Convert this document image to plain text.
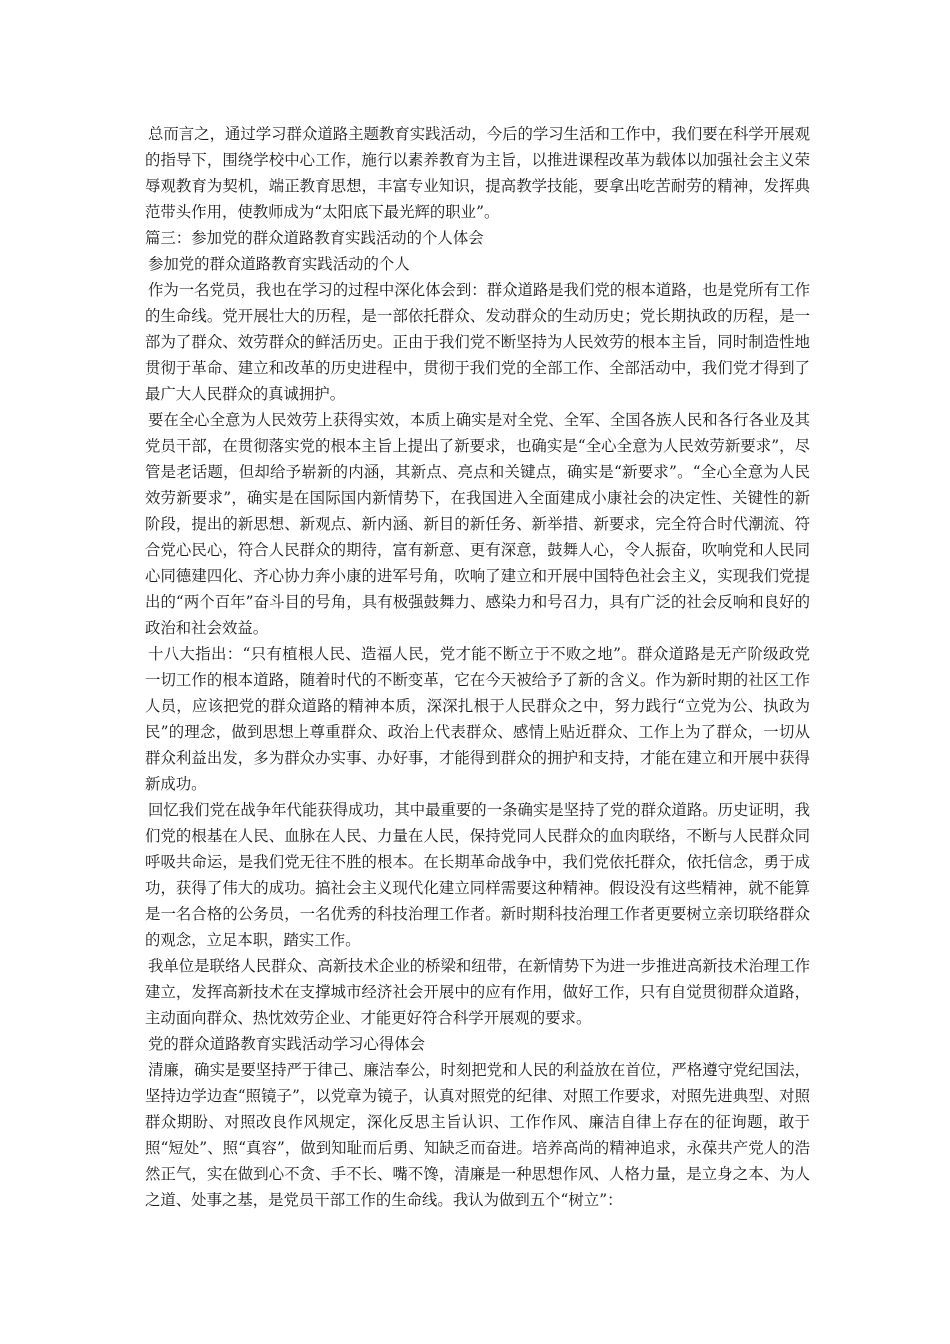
总而言之，通过学习群众道路主题教育实践活动，今后的学习生活和工作中，我们要在科学开展观的指导下，围绕学校中心工作，施行以素养教育为主旨，以推进课程改革为载体以加强社会主义荣辱观教育为契机，端正教育思想，丰富专业知识，提高教学技能，要拿出吃苦耐劳的精神，发挥典范带头作用，使教师成为“太阳底下最光辉的职业”。

篇三：参加党的群众道路教育实践活动的个人体会

参加党的群众道路教育实践活动的个人

作为一名党员，我也在学习的过程中深化体会到：群众道路是我们党的根本道路，也是党所有工作的生命线。党开展壮大的历程，是一部依托群众、发动群众的生动历史；党长期执政的历程，是一部为了群众、效劳群众的鲜活历史。正由于我们党不断坚持为人民效劳的根本主旨，同时制造性地贯彻于革命、建立和改革的历史进程中，贯彻于我们党的全部工作、全部活动中，我们党才得到了最广大人民群众的真诚拥护。

要在全心全意为人民效劳上获得实效，本质上确实是对全党、全军、全国各族人民和各行各业及其党员干部，在贯彻落实党的根本主旨上提出了新要求，也确实是“全心全意为人民效劳新要求”，尽管是老话题，但却给予崭新的内涵，其新点、亮点和关键点，确实是“新要求”。“全心全意为人民效劳新要求”，确实是在国际国内新情势下，在我国进入全面建成小康社会的决定性、关键性的新阶段，提出的新思想、新观点、新内涵、新目的新任务、新举措、新要求，完全符合时代潮流、符合党心民心，符合人民群众的期待，富有新意、更有深意，鼓舞人心，令人振奋，吹响党和人民同心同德建四化、齐心协力奔小康的进军号角，吹响了建立和开展中国特色社会主义，实现我们党提出的“两个百年”奋斗目的号角，具有极强鼓舞力、感染力和号召力，具有广泛的社会反响和良好的政治和社会效益。

十八大指出：“只有植根人民、造福人民，党才能不断立于不败之地”。群众道路是无产阶级政党一切工作的根本道路，随着时代的不断变革，它在今天被给予了新的含义。作为新时期的社区工作人员，应该把党的群众道路的精神本质，深深扎根于人民群众之中，努力践行“立党为公、执政为民”的理念，做到思想上尊重群众、政治上代表群众、感情上贴近群众、工作上为了群众，一切从群众利益出发，多为群众办实事、办好事，才能得到群众的拥护和支持，才能在建立和开展中获得新成功。

回忆我们党在战争年代能获得成功，其中最重要的一条确实是坚持了党的群众道路。历史证明，我们党的根基在人民、血脉在人民、力量在人民，保持党同人民群众的血肉联络，不断与人民群众同呼吸共命运，是我们党无往不胜的根本。在长期革命战争中，我们党依托群众，依托信念，勇于成功，获得了伟大的成功。搞社会主义现代化建立同样需要这种精神。假设没有这些精神，就不能算是一名合格的公务员，一名优秀的科技治理工作者。新时期科技治理工作者更要树立亲切联络群众的观念，立足本职，踏实工作。

我单位是联络人民群众、高新技术企业的桥梁和纽带，在新情势下为进一步推进高新技术治理工作建立，发挥高新技术在支撑城市经济社会开展中的应有作用，做好工作，只有自觉贯彻群众道路，主动面向群众、热忱效劳企业、才能更好符合科学开展观的要求。

党的群众道路教育实践活动学习心得体会

清廉，确实是要坚持严于律己、廉洁奉公，时刻把党和人民的利益放在首位，严格遵守党纪国法，坚持边学边查“照镜子”，以党章为镜子，认真对照党的纪律、对照工作要求，对照先进典型、对照群众期盼、对照改良作风规定，深化反思主旨认识、工作作风、廉洁自律上存在的征询题，敢于照“短处”、照“真容”，做到知耻而后勇、知缺乏而奋进。培养高尚的精神追求，永葆共产党人的浩然正气，实在做到心不贪、手不长、嘴不馋，清廉是一种思想作风、人格力量，是立身之本、为人之道、处事之基，是党员干部工作的生命线。我认为做到五个“树立”：
